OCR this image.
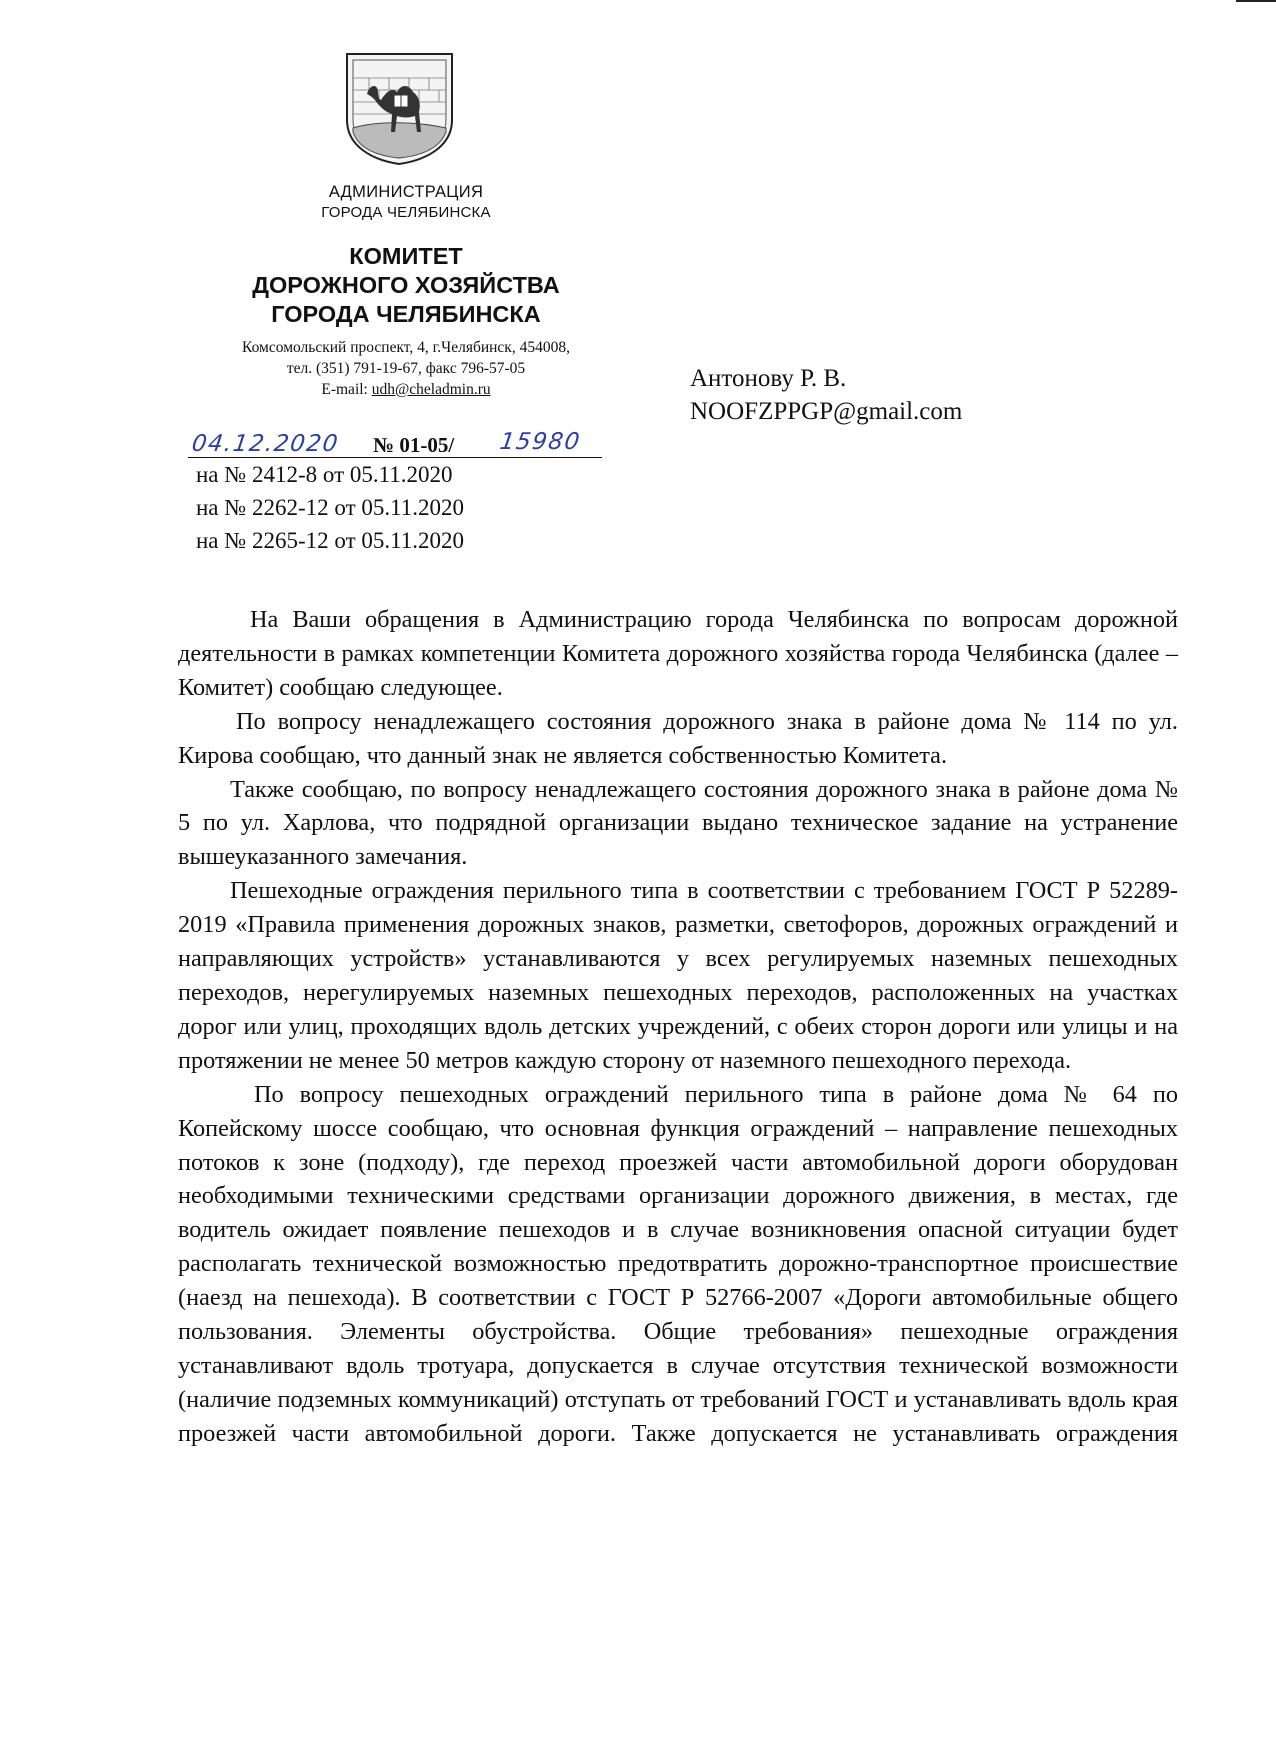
АДМИНИСТРАЦИЯ
ГОРОДА ЧЕЛЯБИНСКА
КОМИТЕТ
ДОРОЖНОГО ХОЗЯЙСТВА
ГОРОДА ЧЕЛЯБИНСКА
Комсомольский проспект, 4, г.Челябинск, 454008,
тел. (351) 791-19-67, факс 796-57-05
E-mail: udh@cheladmin.ru
04.12.2020 № 01-05/ 15980
на № 2412-8 от 05.11.2020
на № 2262-12 от 05.11.2020
на № 2265-12 от 05.11.2020
Антонову Р. В.
NOOFZPPGP@gmail.com

На Ваши обращения в Администрацию города Челябинска по вопросам дорожной деятельности в рамках компетенции Комитета дорожного хозяйства города Челябинска (далее – Комитет) сообщаю следующее.

По вопросу ненадлежащего состояния дорожного знака в районе дома № 114 по ул. Кирова сообщаю, что данный знак не является собственностью Комитета.

Также сообщаю, по вопросу ненадлежащего состояния дорожного знака в районе дома № 5 по ул. Харлова, что подрядной организации выдано техническое задание на устранение вышеуказанного замечания.

Пешеходные ограждения перильного типа в соответствии с требованием ГОСТ Р 52289-2019 «Правила применения дорожных знаков, разметки, светофоров, дорожных ограждений и направляющих устройств» устанавливаются у всех регулируемых наземных пешеходных переходов, нерегулируемых наземных пешеходных переходов, расположенных на участках дорог или улиц, проходящих вдоль детских учреждений, с обеих сторон дороги или улицы и на протяжении не менее 50 метров каждую сторону от наземного пешеходного перехода.

По вопросу пешеходных ограждений перильного типа в районе дома № 64 по Копейскому шоссе сообщаю, что основная функция ограждений – направление пешеходных потоков к зоне (подходу), где переход проезжей части автомобильной дороги оборудован необходимыми техническими средствами организации дорожного движения, в местах, где водитель ожидает появление пешеходов и в случае возникновения опасной ситуации будет располагать технической возможностью предотвратить дорожно-транспортное происшествие (наезд на пешехода). В соответствии с ГОСТ Р 52766-2007 «Дороги автомобильные общего пользования. Элементы обустройства. Общие требования» пешеходные ограждения устанавливают вдоль тротуара, допускается в случае отсутствия технической возможности (наличие подземных коммуникаций) отступать от требований ГОСТ и устанавливать вдоль края проезжей части автомобильной дороги. Также допускается не устанавливать ограждения
